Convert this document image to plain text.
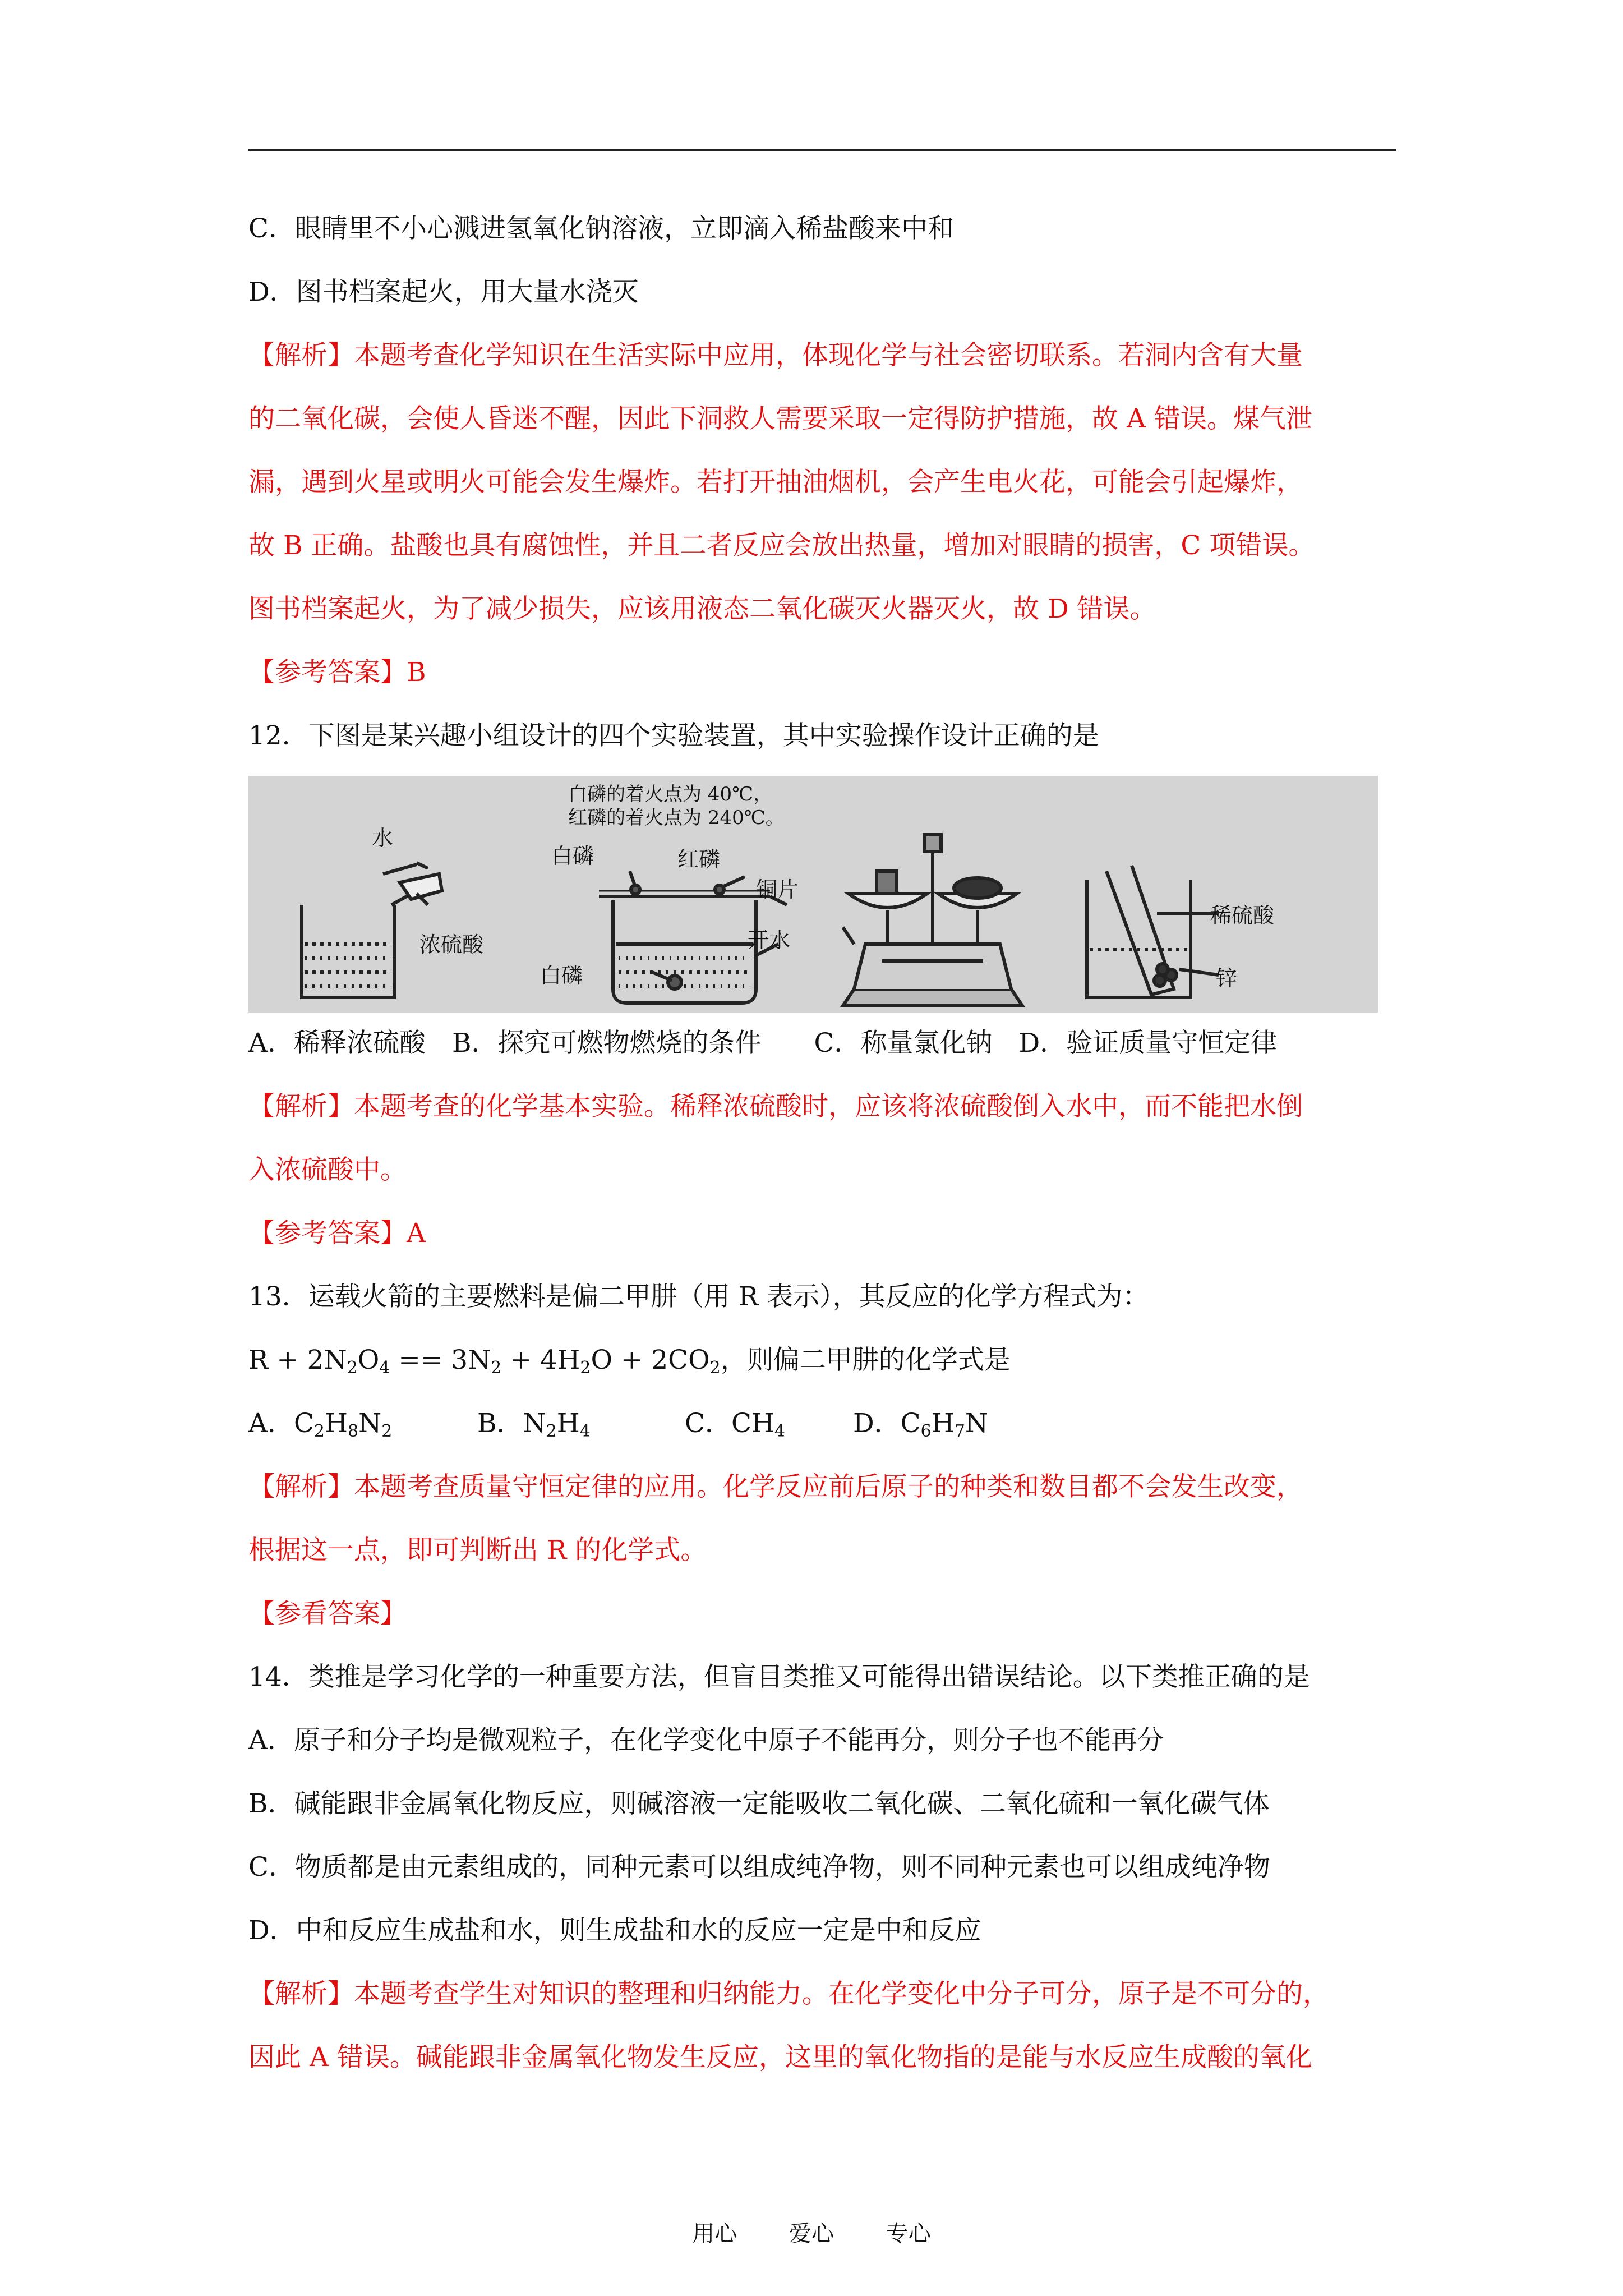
C．眼睛里不小心溅进氢氧化钠溶液，立即滴入稀盐酸来中和
D．图书档案起火，用大量水浇灭
【解析】本题考查化学知识在生活实际中应用，体现化学与社会密切联系。若洞内含有大量
的二氧化碳，会使人昏迷不醒，因此下洞救人需要采取一定得防护措施，故 A 错误。煤气泄
漏，遇到火星或明火可能会发生爆炸。若打开抽油烟机，会产生电火花，可能会引起爆炸，
故 B 正确。盐酸也具有腐蚀性，并且二者反应会放出热量，增加对眼睛的损害，C 项错误。
图书档案起火，为了减少损失，应该用液态二氧化碳灭火器灭火，故 D 错误。
【参考答案】B
12．下图是某兴趣小组设计的四个实验装置，其中实验操作设计正确的是
水
浓硫酸
白磷的着火点为 40℃，
红磷的着火点为 240℃。
白磷	红磷
铜片
开水
白磷
稀硫酸
锌
A．稀释浓硫酸　B．探究可燃物燃烧的条件　　C．称量氯化钠　D．验证质量守恒定律
【解析】本题考查的化学基本实验。稀释浓硫酸时，应该将浓硫酸倒入水中，而不能把水倒
入浓硫酸中。
【参考答案】A
13．运载火箭的主要燃料是偏二甲肼（用 R 表示），其反应的化学方程式为：
$R + 2N_2O_4 == 3N_2 + 4H_2O + 2CO_2$，则偏二甲肼的化学式是
A．$C_2H_8N_2$	B．$N_2H_4$	C．$CH_4$	D．$C_6H_7N$
【解析】本题考查质量守恒定律的应用。化学反应前后原子的种类和数目都不会发生改变，
根据这一点，即可判断出 R 的化学式。
【参看答案】
14．类推是学习化学的一种重要方法，但盲目类推又可能得出错误结论。以下类推正确的是
A．原子和分子均是微观粒子，在化学变化中原子不能再分，则分子也不能再分
B．碱能跟非金属氧化物反应，则碱溶液一定能吸收二氧化碳、二氧化硫和一氧化碳气体
C．物质都是由元素组成的，同种元素可以组成纯净物，则不同种元素也可以组成纯净物
D．中和反应生成盐和水，则生成盐和水的反应一定是中和反应
【解析】本题考查学生对知识的整理和归纳能力。在化学变化中分子可分，原子是不可分的，
因此 A 错误。碱能跟非金属氧化物发生反应，这里的氧化物指的是能与水反应生成酸的氧化
用心 爱心 专心
